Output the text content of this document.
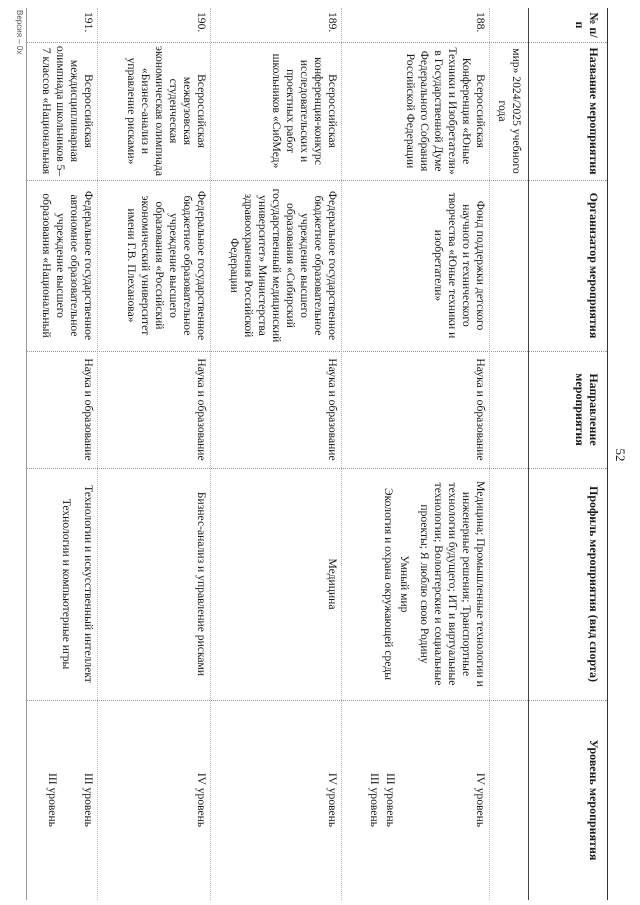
52
№ п/п
Название мероприятия
Организатор мероприятия
Направление мероприятия
Профиль мероприятия (вид спорта)
Уровень мероприятия
мир» 2024/2025 учебного года
188.
Всероссийская Конференция «Юные Техники и Изобретатели» в Государственной Думе Федерального Собрания Российской Федерации
Фонд поддержки детского научного и технического творчества «Юные техники и изобретатели»
Наука и образование
Медицина; Промышленные технологии и инженерные решения; Транспортные технологии будущего; ИТ и виртуальные технологии; Волонтерские и социальные проекты; Я люблю свою Родину
Умный мир
Экология и охрана окружающей среды
IV уровень
III уровень
III уровень
189.
Всероссийская конференция-конкурс исследовательских и проектных работ школьников «СибМед»
Федеральное государственное бюджетное образовательное учреждение высшего образования «Сибирский государственный медицинский университет» Министерства здравоохранения Российской Федерации
Наука и образование
Медицина
IV уровень
190.
Всероссийская межвузовская студенческая экономическая олимпиада «Бизнес-анализ и управление рисками»
Федеральное государственное бюджетное образовательное учреждение высшего образования «Российский экономический университет имени Г.В. Плеханова»
Наука и образование
Бизнес-анализ и управление рисками
IV уровень
191.
Всероссийская междисциплинарная олимпиада школьников 5–7 классов «Национальная
Федеральное государственное автономное образовательное учреждение высшего образования «Национальный
Наука и образование
Технологии и искусственный интеллект
Технологии и компьютерные игры
III уровень
III уровень
Версия – 0х
